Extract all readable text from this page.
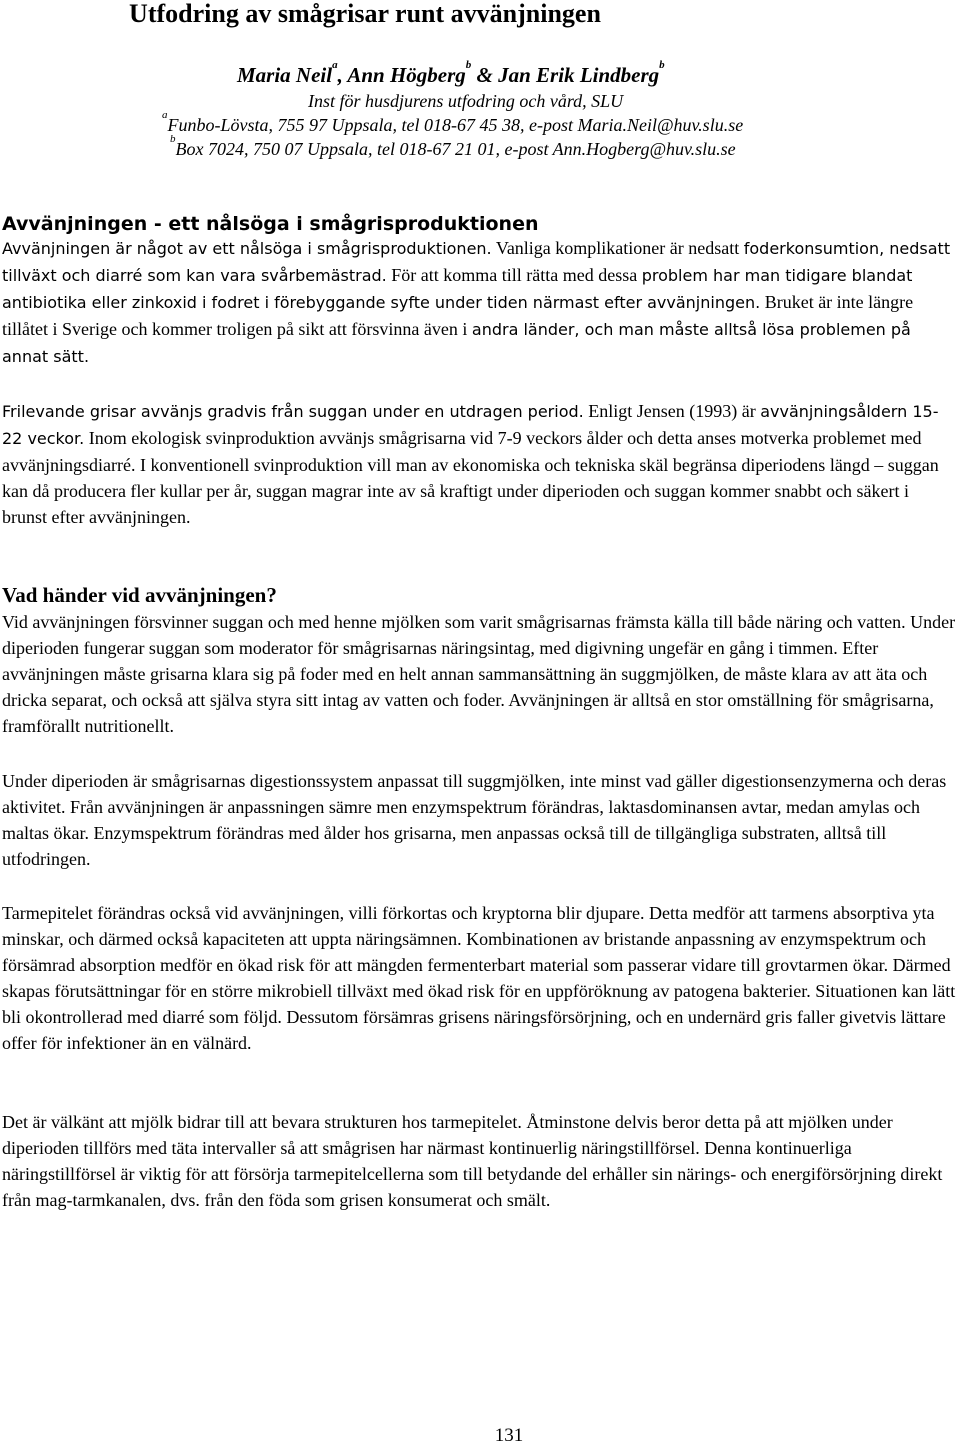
Utfodring av smågrisar runt avvänjningen
Maria Neil$^a$, Ann Högberg$^b$ & Jan Erik Lindberg$^b$
Inst för husdjurens utfodring och vård, SLU
$^a$Funbo-Lövsta, 755 97 Uppsala, tel 018-67 45 38, e-post Maria.Neil@huv.slu.se
$^b$Box 7024, 750 07 Uppsala, tel 018-67 21 01, e-post Ann.Hogberg@huv.slu.se
Avvänjningen - ett nålsöga i smågrisproduktionen

Avvänjningen är något av ett nålsöga i smågrisproduktionen. Vanliga komplikationer är nedsatt foderkonsumtion, nedsatt tillväxt och diarré som kan vara svårbemästrad. För att komma till rätta med dessa problem har man tidigare blandat antibiotika eller zinkoxid i fodret i förebyggande syfte under tiden närmast efter avvänjningen. Bruket är inte längre tillåtet i Sverige och kommer troligen på sikt att försvinna även i andra länder, och man måste alltså lösa problemen på annat sätt.

Frilevande grisar avvänjs gradvis från suggan under en utdragen period. Enligt Jensen (1993) är avvänjningsåldern 15-22 veckor. Inom ekologisk svinproduktion avvänjs smågrisarna vid 7-9 veckors ålder och detta anses motverka problemet med avvänjningsdiarré. I konventionell svinproduktion vill man av ekonomiska och tekniska skäl begränsa diperiodens längd – suggan kan då producera fler kullar per år, suggan magrar inte av så kraftigt under diperioden och suggan kommer snabbt och säkert i brunst efter avvänjningen.

Vad händer vid avvänjningen?

Vid avvänjningen försvinner suggan och med henne mjölken som varit smågrisarnas främsta källa till både näring och vatten. Under diperioden fungerar suggan som moderator för smågrisarnas näringsintag, med digivning ungefär en gång i timmen. Efter avvänjningen måste grisarna klara sig på foder med en helt annan sammansättning än suggmjölken, de måste klara av att äta och dricka separat, och också att själva styra sitt intag av vatten och foder. Avvänjningen är alltså en stor omställning för smågrisarna, framförallt nutritionellt.

Under diperioden är smågrisarnas digestionssystem anpassat till suggmjölken, inte minst vad gäller digestionsenzymerna och deras aktivitet. Från avvänjningen är anpassningen sämre men enzymspektrum förändras, laktasdominansen avtar, medan amylas och maltas ökar. Enzymspektrum förändras med ålder hos grisarna, men anpassas också till de tillgängliga substraten, alltså till utfodringen.

Tarmepitelet förändras också vid avvänjningen, villi förkortas och kryptorna blir djupare. Detta medför att tarmens absorptiva yta minskar, och därmed också kapaciteten att uppta näringsämnen. Kombinationen av bristande anpassning av enzymspektrum och försämrad absorption medför en ökad risk för att mängden fermenterbart material som passerar vidare till grovtarmen ökar. Därmed skapas förutsättningar för en större mikrobiell tillväxt med ökad risk för en uppföröknung av patogena bakterier. Situationen kan lätt bli okontrollerad med diarré som följd. Dessutom försämras grisens näringsförsörjning, och en undernärd gris faller givetvis lättare offer för infektioner än en välnärd.

Det är välkänt att mjölk bidrar till att bevara strukturen hos tarmepitelet. Åtminstone delvis beror detta på att mjölken under diperioden tillförs med täta intervaller så att smågrisen har närmast kontinuerlig näringstillförsel. Denna kontinuerliga näringstillförsel är viktig för att försörja tarmepitelcellerna som till betydande del erhåller sin närings- och energiförsörjning direkt från mag-tarmkanalen, dvs. från den föda som grisen konsumerat och smält.

131
